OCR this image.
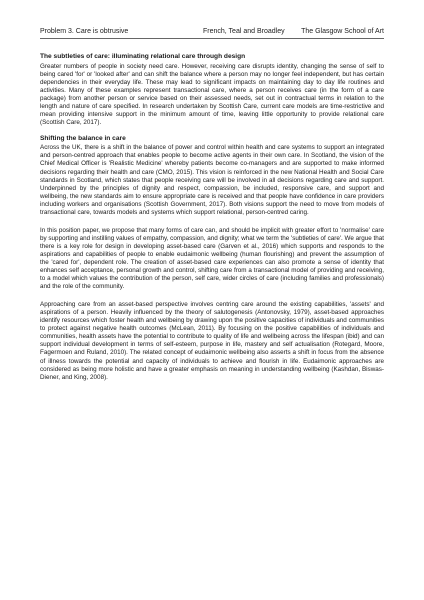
Problem 3. Care is obtrusive	French, Teal and Broadley The Glasgow School of Art
The subtleties of care: illuminating relational care through design

Greater numbers of people in society need care. However, receiving care disrupts identity, changing the sense of self to being cared 'for' or 'looked after' and can shift the balance where a person may no longer feel independent, but has certain dependencies in their everyday life. These may lead to significant impacts on maintaining day to day life routines and activities. Many of these examples represent transactional care, where a person receives care (in the form of a care package) from another person or service based on their assessed needs, set out in contractual terms in relation to the length and nature of care specified. In research undertaken by Scottish Care, current care models are time-restrictive and mean providing intensive support in the minimum amount of time, leaving little opportunity to provide relational care (Scottish Care, 2017).

Shifting the balance in care

Across the UK, there is a shift in the balance of power and control within health and care systems to support an integrated and person-centred approach that enables people to become active agents in their own care. In Scotland, the vision of the Chief Medical Officer is 'Realistic Medicine' whereby patients become co-managers and are supported to make informed decisions regarding their health and care (CMO, 2015). This vision is reinforced in the new National Health and Social Care standards in Scotland, which states that people receiving care will be involved in all decisions regarding care and support. Underpinned by the principles of dignity and respect, compassion, be included, responsive care, and support and wellbeing, the new standards aim to ensure appropriate care is received and that people have confidence in care providers including workers and organisations (Scottish Government, 2017). Both visions support the need to move from models of transactional care, towards models and systems which support relational, person-centred caring.

In this position paper, we propose that many forms of care can, and should be implicit with greater effort to 'normalise' care by supporting and instilling values of empathy, compassion, and dignity; what we term the 'subtleties of care'. We argue that there is a key role for design in developing asset-based care (Garven et al., 2016) which supports and responds to the aspirations and capabilities of people to enable eudaimonic wellbeing (human flourishing) and prevent the assumption of the 'cared for', dependent role. The creation of asset-based care experiences can also promote a sense of identity that enhances self acceptance, personal growth and control, shifting care from a transactional model of providing and receiving, to a model which values the contribution of the person, self care, wider circles of care (including families and professionals) and the role of the community.

Approaching care from an asset-based perspective involves centring care around the existing capabilities, 'assets' and aspirations of a person. Heavily influenced by the theory of salutogenesis (Antonovsky, 1979), asset-based approaches identify resources which foster health and wellbeing by drawing upon the positive capacities of individuals and communities to protect against negative health outcomes (McLean, 2011). By focusing on the positive capabilities of individuals and communities, health assets have the potential to contribute to quality of life and wellbeing across the lifespan (ibid) and can support individual development in terms of self-esteem, purpose in life, mastery and self actualisation (Rotegard, Moore, Fagermoen and Ruland, 2010). The related concept of eudaimonic wellbeing also asserts a shift in focus from the absence of illness towards the potential and capacity of individuals to achieve and flourish in life. Eudaimonic approaches are considered as being more holistic and have a greater emphasis on meaning in understanding wellbeing (Kashdan, Biswas-Diener, and King, 2008).
